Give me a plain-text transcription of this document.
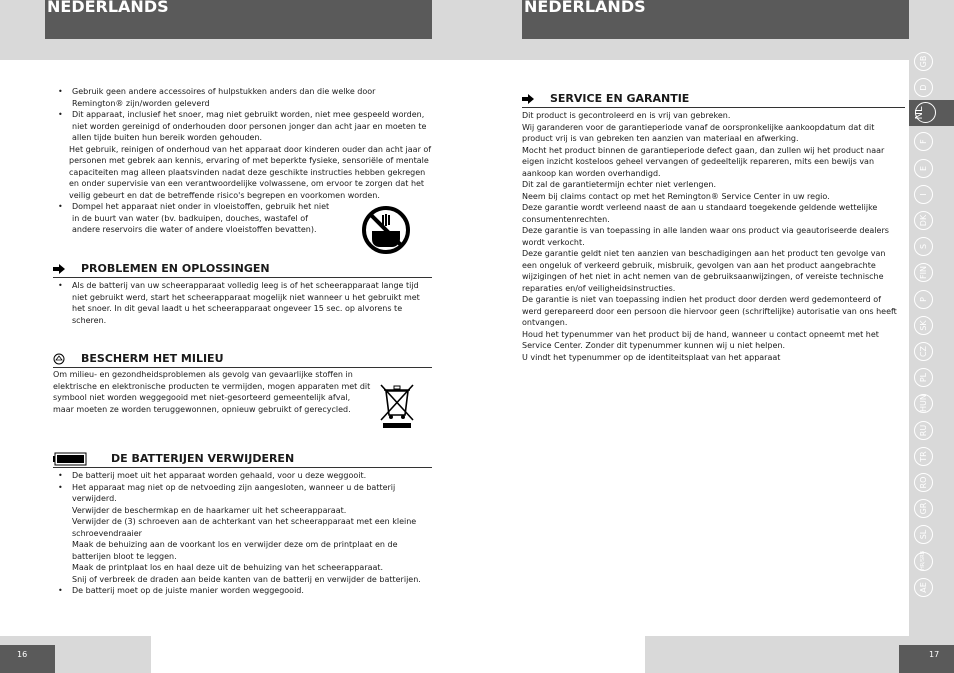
NEDERLANDS	NEDERLANDS
• Gebruik geen andere accessoires of hulpstukken anders dan die welke door Remington® zijn/worden geleverd
• Dit apparaat, inclusief het snoer, mag niet gebruikt worden, niet mee gespeeld worden, niet worden gereinigd of onderhouden door personen jonger dan acht jaar en moeten te allen tijde buiten hun bereik worden gehouden.
Het gebruik, reinigen of onderhoud van het apparaat door kinderen ouder dan acht jaar of personen met gebrek aan kennis, ervaring of met beperkte fysieke, sensoriële of mentale capaciteiten mag alleen plaatsvinden nadat deze geschikte instructies hebben gekregen en onder supervisie van een verantwoordelijke volwassene, om ervoor te zorgen dat het veilig gebeurt en dat de betreffende risico's begrepen en voorkomen worden.
• Dompel het apparaat niet onder in vloeistoffen, gebruik het niet in de buurt van water (bv. badkuipen, douches, wastafel of andere reservoirs die water of andere vloeistoffen bevatten).
PROBLEMEN EN OPLOSSINGEN
• Als de batterij van uw scheerapparaat volledig leeg is of het scheerapparaat lange tijd niet gebruikt werd, start het scheerapparaat mogelijk niet wanneer u het gebruikt met het snoer. In dit geval laadt u het scheerapparaat ongeveer 15 sec. op alvorens te scheren.
BESCHERM HET MILIEU
Om milieu- en gezondheidsproblemen als gevolg van gevaarlijke stoffen in elektrische en elektronische producten te vermijden, mogen apparaten met dit symbool niet worden weggegooid met niet-gesorteerd gemeentelijk afval, maar moeten ze worden teruggewonnen, opnieuw gebruikt of gerecycled.
DE BATTERIJEN VERWIJDEREN
• De batterij moet uit het apparaat worden gehaald, voor u deze weggooit.
• Het apparaat mag niet op de netvoeding zijn aangesloten, wanneer u de batterij verwijderd.
Verwijder de beschermkap en de haarkamer uit het scheerapparaat.
Verwijder de (3) schroeven aan de achterkant van het scheerapparaat met een kleine schroevendraaier
Maak de behuizing aan de voorkant los en verwijder deze om de printplaat en de batterijen bloot te leggen.
Maak de printplaat los en haal deze uit de behuizing van het scheerapparaat.
Snij of verbreek de draden aan beide kanten van de batterij en verwijder de batterijen.
• De batterij moet op de juiste manier worden weggegooid.
SERVICE EN GARANTIE

Dit product is gecontroleerd en is vrij van gebreken.

Wij garanderen voor de garantieperiode vanaf de oorspronkelijke aankoopdatum dat dit product vrij is van gebreken ten aanzien van materiaal en afwerking.

Mocht het product binnen de garantieperiode defect gaan, dan zullen wij het product naar eigen inzicht kosteloos geheel vervangen of gedeeltelijk repareren, mits een bewijs van aankoop kan worden overhandigd.

Dit zal de garantietermijn echter niet verlengen.

Neem bij claims contact op met het Remington® Service Center in uw regio.

Deze garantie wordt verleend naast de aan u standaard toegekende geldende wettelijke consumentenrechten.

Deze garantie is van toepassing in alle landen waar ons product via geautoriseerde dealers wordt verkocht.

Deze garantie geldt niet ten aanzien van beschadigingen aan het product ten gevolge van een ongeluk of verkeerd gebruik, misbruik, gevolgen van aan het product aangebrachte wijzigingen of het niet in acht nemen van de gebruiksaanwijzingen, of vereiste technische reparaties en/of veiligheidsinstructies.

De garantie is niet van toepassing indien het product door derden werd gedemonteerd of werd gerepareerd door een persoon die hiervoor geen (schriftelijke) autorisatie van ons heeft ontvangen.

Houd het typenummer van het product bij de hand, wanneer u contact opneemt met het Service Center. Zonder dit typenummer kunnen wij u niet helpen.

U vindt het typenummer op de identiteitsplaat van het apparaat

GB
D
NL
F
E
I
DK
S
FIN
P
SK
CZ
PL
HUN
RU
TR
RO
GR
SL
HR/SRB
AE
16	17
